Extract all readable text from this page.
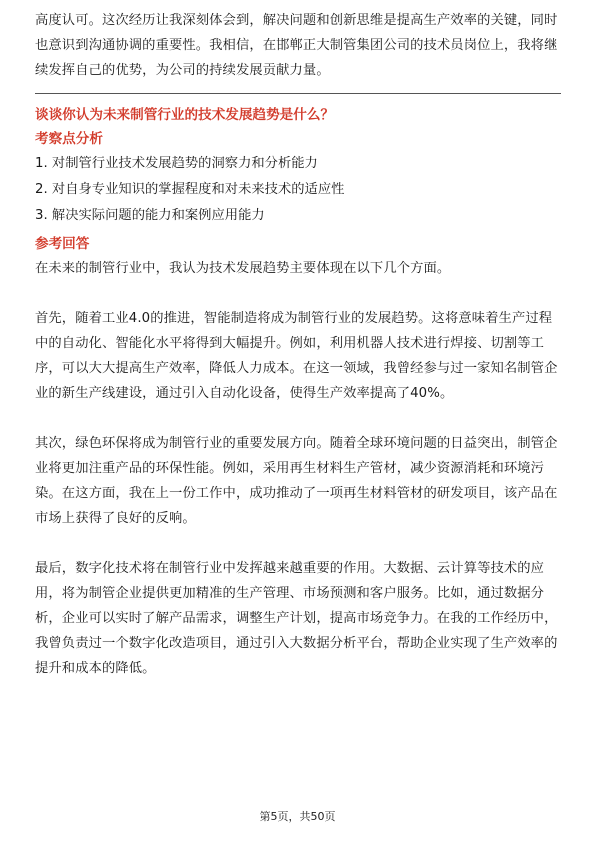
高度认可。这次经历让我深刻体会到，解决问题和创新思维是提高生产效率的关键，同时也意识到沟通协调的重要性。我相信，在邯郸正大制管集团公司的技术员岗位上，我将继续发挥自己的优势，为公司的持续发展贡献力量。

谈谈你认为未来制管行业的技术发展趋势是什么？

考察点分析

1. 对制管行业技术发展趋势的洞察力和分析能力

2. 对自身专业知识的掌握程度和对未来技术的适应性

3. 解决实际问题的能力和案例应用能力

参考回答

在未来的制管行业中，我认为技术发展趋势主要体现在以下几个方面。

首先，随着工业4.0的推进，智能制造将成为制管行业的发展趋势。这将意味着生产过程中的自动化、智能化水平将得到大幅提升。例如，利用机器人技术进行焊接、切割等工序，可以大大提高生产效率，降低人力成本。在这一领域，我曾经参与过一家知名制管企业的新生产线建设，通过引入自动化设备，使得生产效率提高了40%。

其次，绿色环保将成为制管行业的重要发展方向。随着全球环境问题的日益突出，制管企业将更加注重产品的环保性能。例如，采用再生材料生产管材，减少资源消耗和环境污染。在这方面，我在上一份工作中，成功推动了一项再生材料管材的研发项目，该产品在市场上获得了良好的反响。

最后，数字化技术将在制管行业中发挥越来越重要的作用。大数据、云计算等技术的应用，将为制管企业提供更加精准的生产管理、市场预测和客户服务。比如，通过数据分析，企业可以实时了解产品需求，调整生产计划，提高市场竞争力。在我的工作经历中，我曾负责过一个数字化改造项目，通过引入大数据分析平台，帮助企业实现了生产效率的提升和成本的降低。

第5页，共50页
